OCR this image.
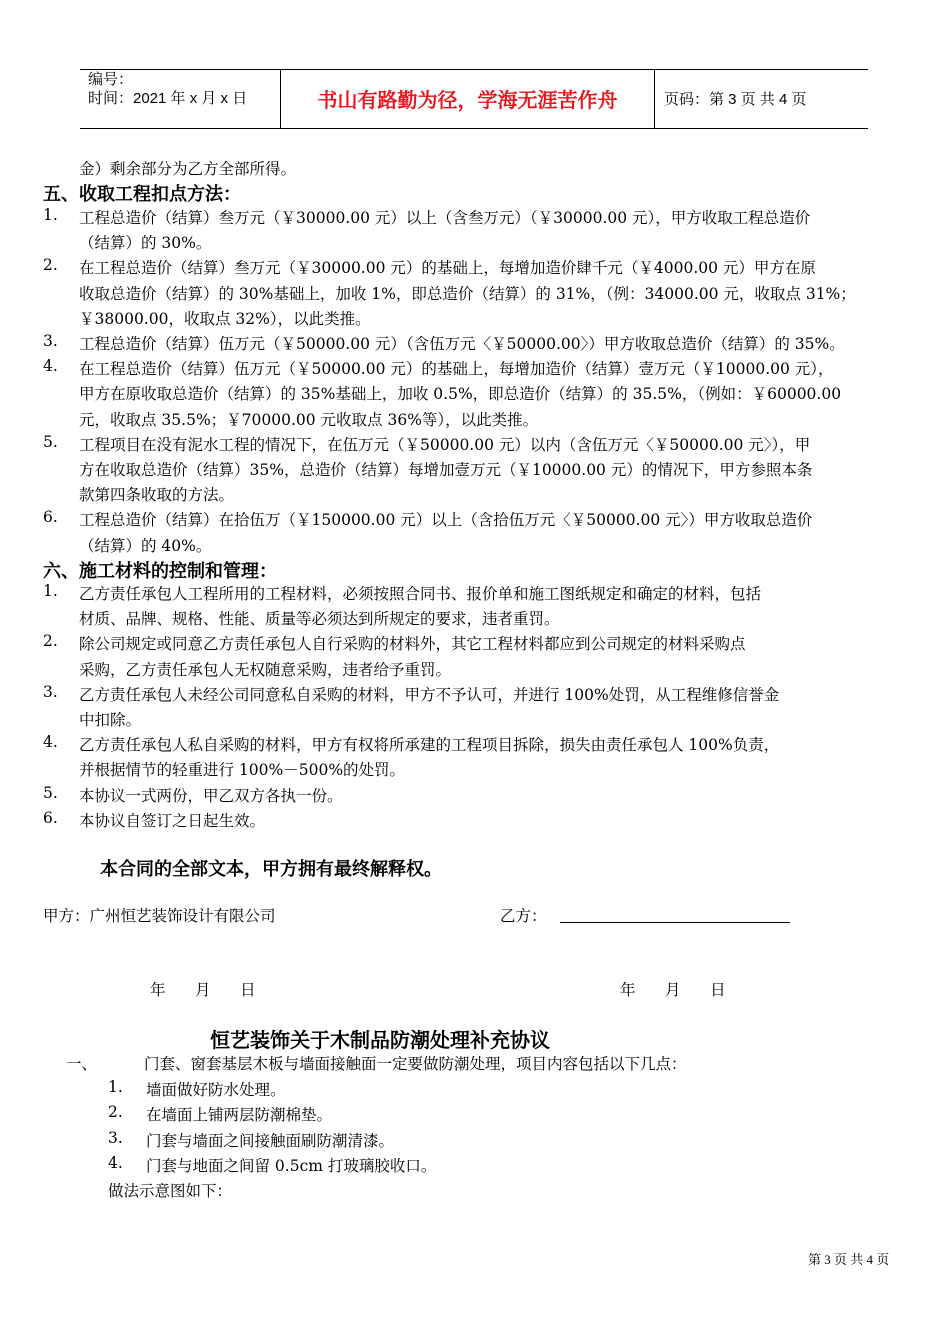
编号：
时间：2021 年 x 月 x 日	书山有路勤为径，学海无涯苦作舟	页码：第 3 页 共 4 页
金）剩余部分为乙方全部所得。
五、收取工程扣点方法：
1. 工程总造价（结算）叁万元（￥30000.00 元）以上（含叁万元）（￥30000.00 元），甲方收取工程总造价
（结算）的 30%。
2. 在工程总造价（结算）叁万元（￥30000.00 元）的基础上，每增加造价肆千元（￥4000.00 元）甲方在原
收取总造价（结算）的 30%基础上，加收 1%，即总造价（结算）的 31%，（例：34000.00 元，收取点 31%；
￥38000.00，收取点 32%），以此类推。
3. 工程总造价（结算）伍万元（￥50000.00 元）（含伍万元〈￥50000.00〉）甲方收取总造价（结算）的 35%。
4. 在工程总造价（结算）伍万元（￥50000.00 元）的基础上，每增加造价（结算）壹万元（￥10000.00 元），
甲方在原收取总造价（结算）的 35%基础上，加收 0.5%，即总造价（结算）的 35.5%，（例如：￥60000.00
元，收取点 35.5%；￥70000.00 元收取点 36%等），以此类推。
5. 工程项目在没有泥水工程的情况下，在伍万元（￥50000.00 元）以内（含伍万元〈￥50000.00 元〉），甲
方在收取总造价（结算）35%，总造价（结算）每增加壹万元（￥10000.00 元）的情况下，甲方参照本条
款第四条收取的方法。
6. 工程总造价（结算）在拾伍万（￥150000.00 元）以上（含拾伍万元〈￥50000.00 元〉）甲方收取总造价
（结算）的 40%。
六、施工材料的控制和管理：
1. 乙方责任承包人工程所用的工程材料，必须按照合同书、报价单和施工图纸规定和确定的材料，包括
材质、品牌、规格、性能、质量等必须达到所规定的要求，违者重罚。
2. 除公司规定或同意乙方责任承包人自行采购的材料外，其它工程材料都应到公司规定的材料采购点
采购，乙方责任承包人无权随意采购，违者给予重罚。
3. 乙方责任承包人未经公司同意私自采购的材料，甲方不予认可，并进行 100%处罚，从工程维修信誉金
中扣除。
4. 乙方责任承包人私自采购的材料，甲方有权将所承建的工程项目拆除，损失由责任承包人 100%负责，
并根据情节的轻重进行 100%－500%的处罚。
5. 本协议一式两份，甲乙双方各执一份。
6. 本协议自签订之日起生效。
本合同的全部文本，甲方拥有最终解释权。
甲方：广州恒艺装饰设计有限公司	乙方：
年      月      日	年      月      日
恒艺装饰关于木制品防潮处理补充协议
一、	门套、窗套基层木板与墙面接触面一定要做防潮处理，项目内容包括以下几点：
1. 墙面做好防水处理。
2. 在墙面上铺两层防潮棉垫。
3. 门套与墙面之间接触面刷防潮清漆。
4. 门套与地面之间留 0.5cm 打玻璃胶收口。
做法示意图如下：
第 3 页 共 4 页
